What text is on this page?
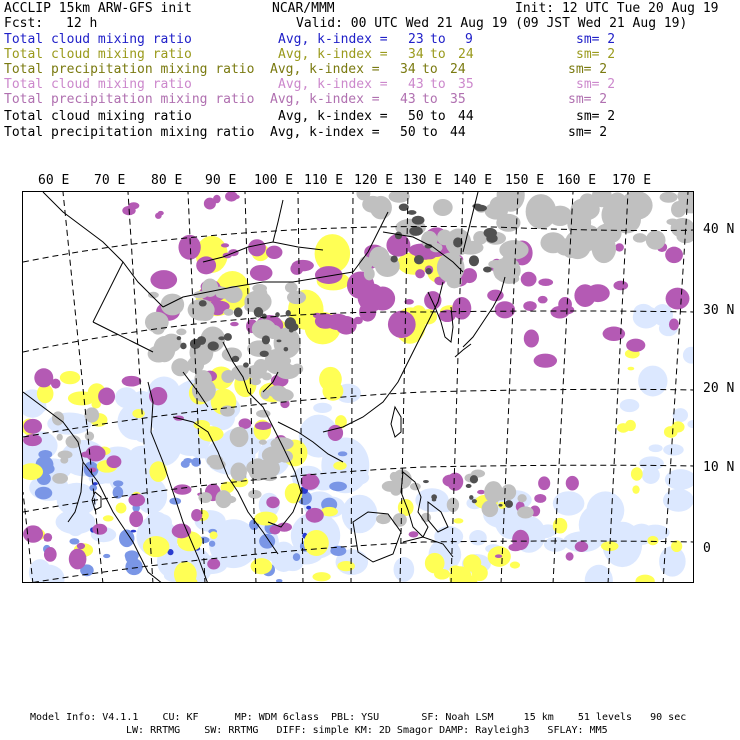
ACCLIP 15km ARW-GFS init	NCAR/MMM	Init: 12 UTC Tue 20 Aug 19
Fcst: 12 h	Valid: 00 UTC Wed 21 Aug 19 (09 JST Wed 21 Aug 19)
Total cloud mixing ratio	Avg, k-index = 23 to 9	sm= 2
Total cloud mixing ratio	Avg, k-index = 34 to 24	sm= 2
Total precipitation mixing ratio Avg, k-index = 34 to 24	sm= 2
Total cloud mixing ratio	Avg, k-index = 43 to 35	sm= 2
Total precipitation mixing ratio Avg, k-index = 43 to 35	sm= 2
Total cloud mixing ratio	Avg, k-index = 50 to 44	sm= 2
Total precipitation mixing ratio Avg, k-index = 50 to 44	sm= 2
60 E 70 E 80 E 90 E 100 E 110 E 120 E 130 E 140 E 150 E 160 E 170 E
40 N
30 N
20 N
10 N
0
Model Info: V4.1.1    CU: KF      MP: WDM 6class  PBL: YSU       SF: Noah LSM     15 km    51 levels   90 sec
LW: RRTMG    SW: RRTMG   DIFF: simple KM: 2D Smagor DAMP: Rayleigh3   SFLAY: MM5
